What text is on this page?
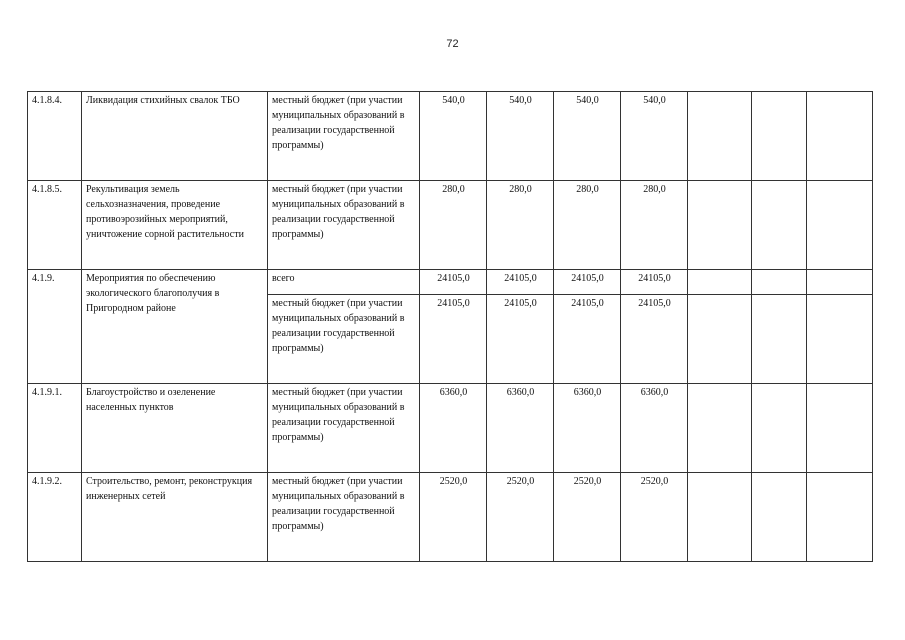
72
4.1.8.4.	Ликвидация стихийных свалок ТБО	местный бюджет (при участии муниципальных образований в реализации государственной программы)	540,0	540,0	540,0	540,0			
4.1.8.5.	Рекультивация земель сельхозназначения, проведение противоэрозийных мероприятий, уничтожение сорной растительности	местный бюджет (при участии муниципальных образований в реализации государственной программы)	280,0	280,0	280,0	280,0			
4.1.9.	Мероприятия по обеспечению экологического благополучия в Пригородном районе	всего	24105,0	24105,0	24105,0	24105,0			
		местный бюджет (при участии муниципальных образований в реализации государственной программы)	24105,0	24105,0	24105,0	24105,0			
4.1.9.1.	Благоустройство и озеленение населенных пунктов	местный бюджет (при участии муниципальных образований в реализации государственной программы)	6360,0	6360,0	6360,0	6360,0			
4.1.9.2.	Строительство, ремонт, реконструкция инженерных сетей	местный бюджет (при участии муниципальных образований в реализации государственной программы)	2520,0	2520,0	2520,0	2520,0			
